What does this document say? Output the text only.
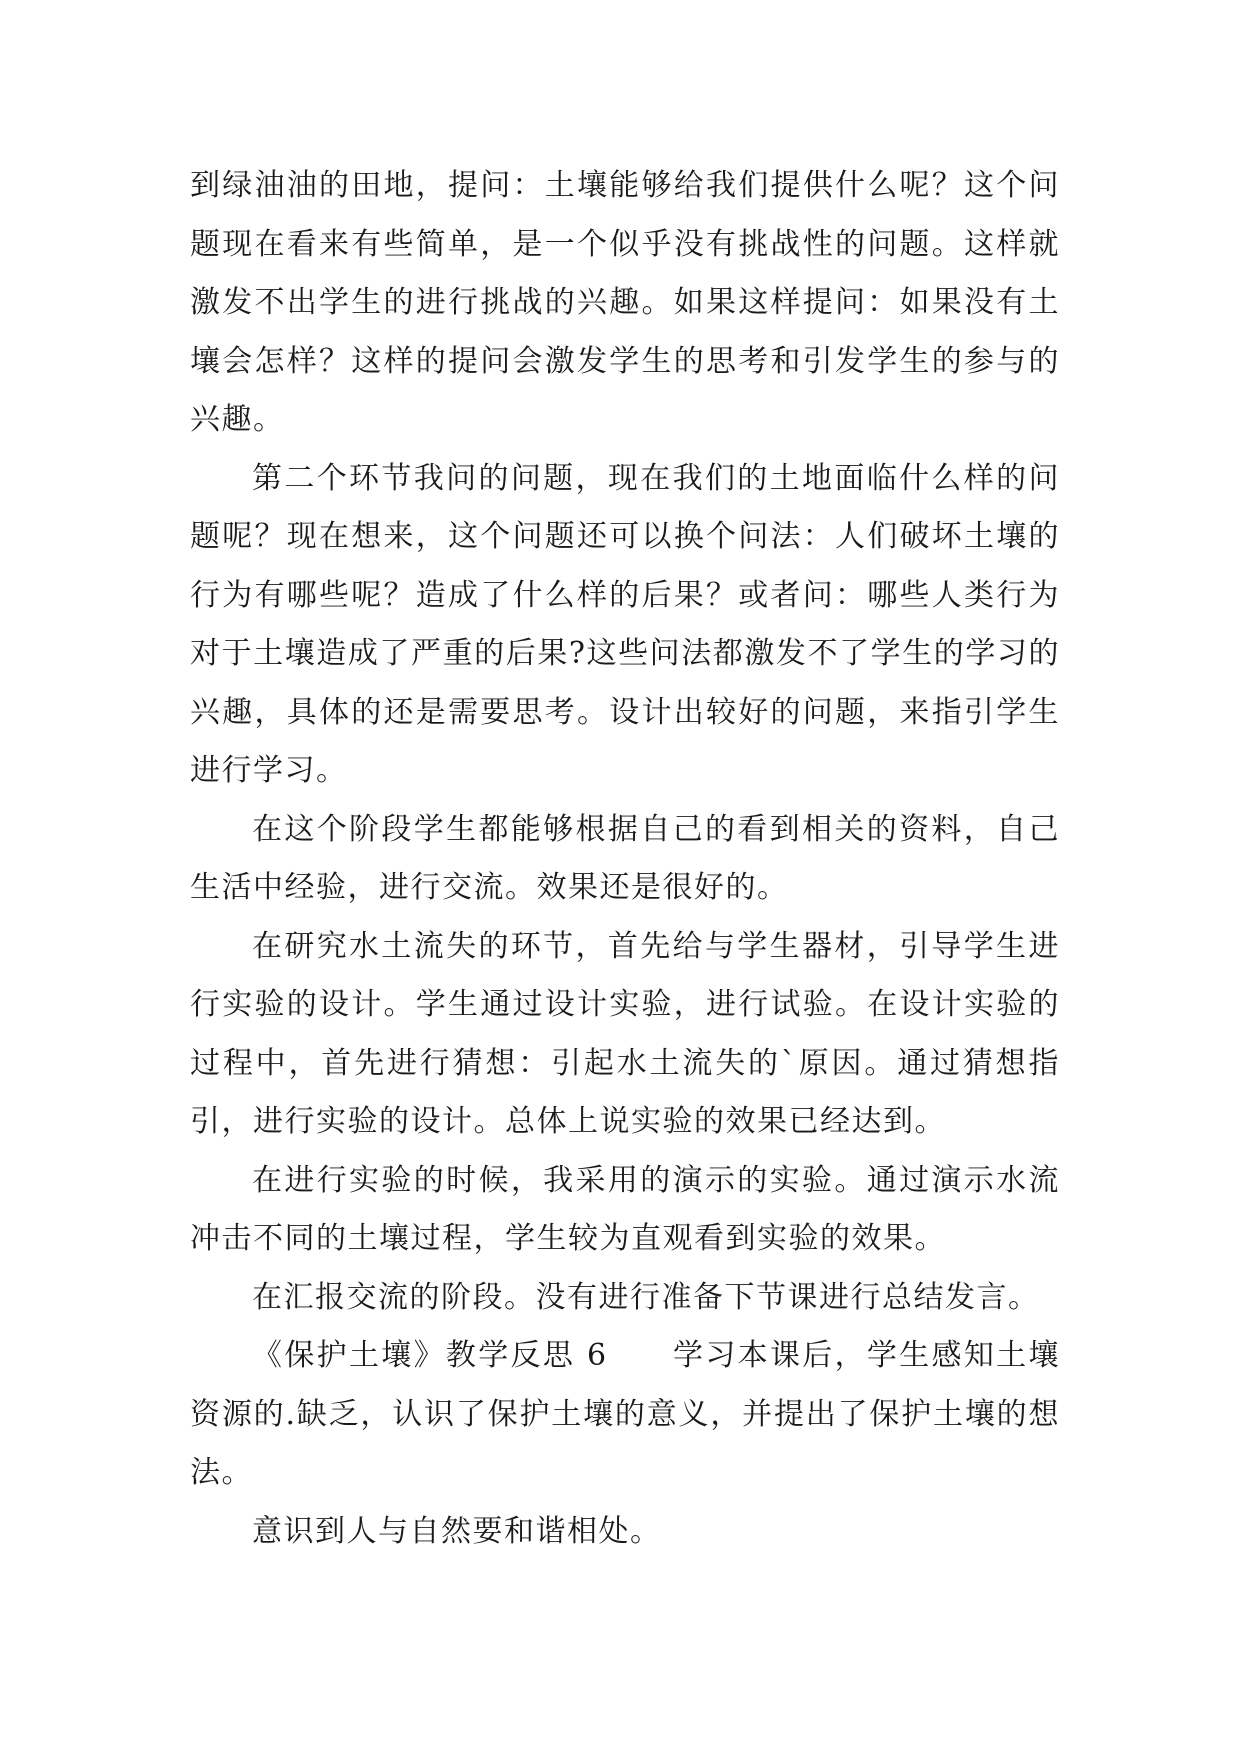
到绿油油的田地，提问：土壤能够给我们提供什么呢？这个问题现在看来有些简单，是一个似乎没有挑战性的问题。这样就激发不出学生的进行挑战的兴趣。如果这样提问：如果没有土壤会怎样？这样的提问会激发学生的思考和引发学生的参与的兴趣。

第二个环节我问的问题，现在我们的土地面临什么样的问题呢？现在想来，这个问题还可以换个问法：人们破坏土壤的行为有哪些呢？造成了什么样的后果？或者问：哪些人类行为对于土壤造成了严重的后果?这些问法都激发不了学生的学习的兴趣，具体的还是需要思考。设计出较好的问题，来指引学生进行学习。

在这个阶段学生都能够根据自己的看到相关的资料，自己生活中经验，进行交流。效果还是很好的。

在研究水土流失的环节，首先给与学生器材，引导学生进行实验的设计。学生通过设计实验，进行试验。在设计实验的过程中，首先进行猜想：引起水土流失的`原因。通过猜想指引，进行实验的设计。总体上说实验的效果已经达到。

在进行实验的时候，我采用的演示的实验。通过演示水流冲击不同的土壤过程，学生较为直观看到实验的效果。

在汇报交流的阶段。没有进行准备下节课进行总结发言。

《保护土壤》教学反思 6　　学习本课后，学生感知土壤资源的.缺乏，认识了保护土壤的意义，并提出了保护土壤的想法。

意识到人与自然要和谐相处。
